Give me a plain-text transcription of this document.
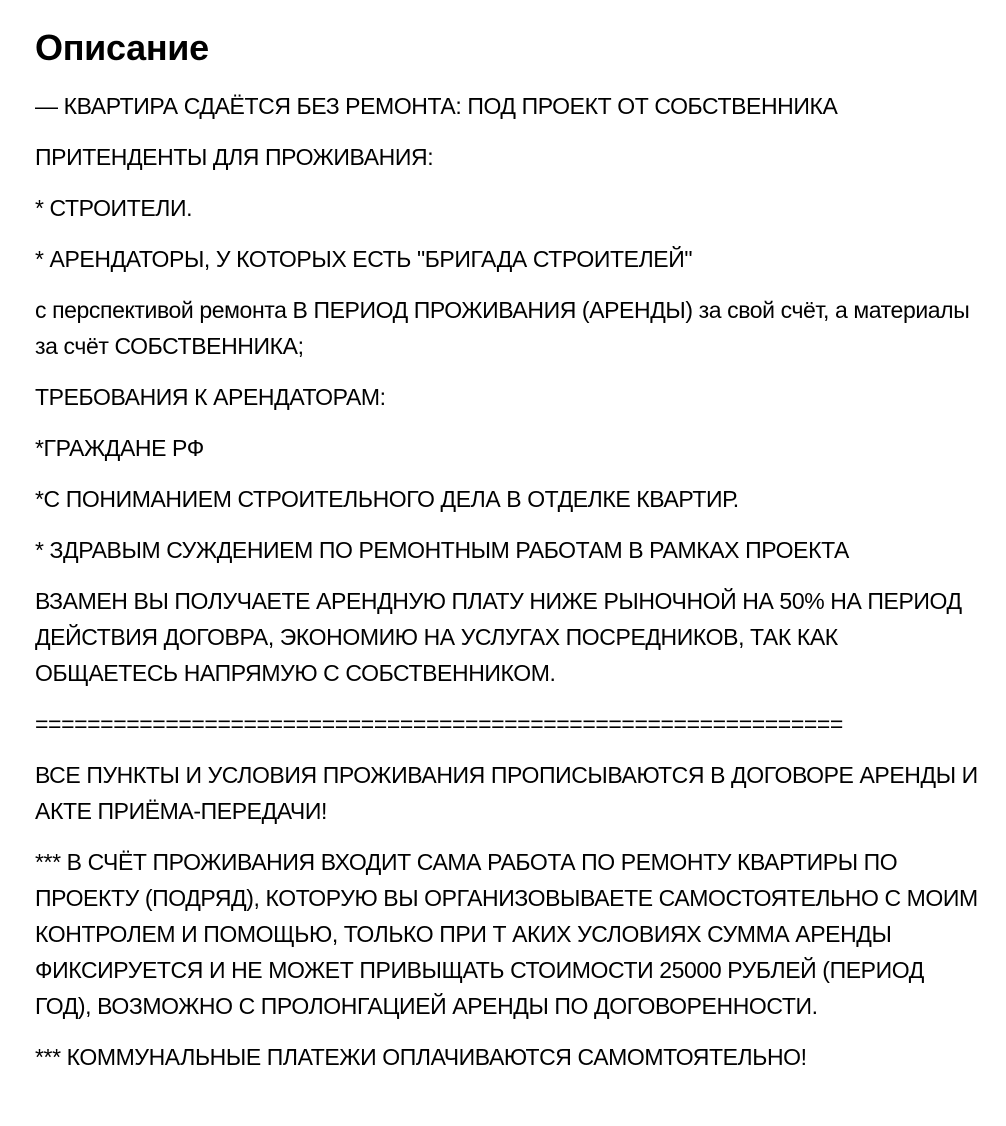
Описание

— КВАРТИРА СДАЁТСЯ БЕЗ РЕМОНТА: ПОД ПРОЕКТ ОТ СОБСТВЕННИКА

ПРИТЕНДЕНТЫ ДЛЯ ПРОЖИВАНИЯ:

* СТРОИТЕЛИ.

* АРЕНДАТОРЫ, У КОТОРЫХ ЕСТЬ "БРИГАДА СТРОИТЕЛЕЙ"

с перспективой ремонта В ПЕРИОД ПРОЖИВАНИЯ (АРЕНДЫ) за свой счёт, а материалы за счёт СОБСТВЕННИКА;

ТРЕБОВАНИЯ К АРЕНДАТОРАМ:

*ГРАЖДАНЕ РФ

*С ПОНИМАНИЕМ СТРОИТЕЛЬНОГО ДЕЛА В ОТДЕЛКЕ КВАРТИР.

* ЗДРАВЫМ СУЖДЕНИЕМ ПО РЕМОНТНЫМ РАБОТАМ В РАМКАХ ПРОЕКТА

ВЗАМЕН ВЫ ПОЛУЧАЕТЕ АРЕНДНУЮ ПЛАТУ НИЖЕ РЫНОЧНОЙ НА 50% НА ПЕРИОД ДЕЙСТВИЯ ДОГОВРА, ЭКОНОМИЮ НА УСЛУГАХ ПОСРЕДНИКОВ, ТАК КАК ОБЩАЕТЕСЬ НАПРЯМУЮ С СОБСТВЕННИКОМ.

==============================================================

ВСЕ ПУНКТЫ И УСЛОВИЯ ПРОЖИВАНИЯ ПРОПИСЫВАЮТСЯ В ДОГОВОРЕ АРЕНДЫ И АКТЕ ПРИЁМА-ПЕРЕДАЧИ!

*** В СЧЁТ ПРОЖИВАНИЯ ВХОДИТ САМА РАБОТА ПО РЕМОНТУ КВАРТИРЫ ПО ПРОЕКТУ (ПОДРЯД), КОТОРУЮ ВЫ ОРГАНИЗОВЫВАЕТЕ САМОСТОЯТЕЛЬНО С МОИМ КОНТРОЛЕМ И ПОМОЩЬЮ, ТОЛЬКО ПРИ Т АКИХ УСЛОВИЯХ СУММА АРЕНДЫ ФИКСИРУЕТСЯ И НЕ МОЖЕТ ПРИВЫЩАТЬ СТОИМОСТИ 25000 РУБЛЕЙ (ПЕРИОД ГОД), ВОЗМОЖНО С ПРОЛОНГАЦИЕЙ АРЕНДЫ ПО ДОГОВОРЕННОСТИ.

*** КОММУНАЛЬНЫЕ ПЛАТЕЖИ ОПЛАЧИВАЮТСЯ САМОМТОЯТЕЛЬНО!
